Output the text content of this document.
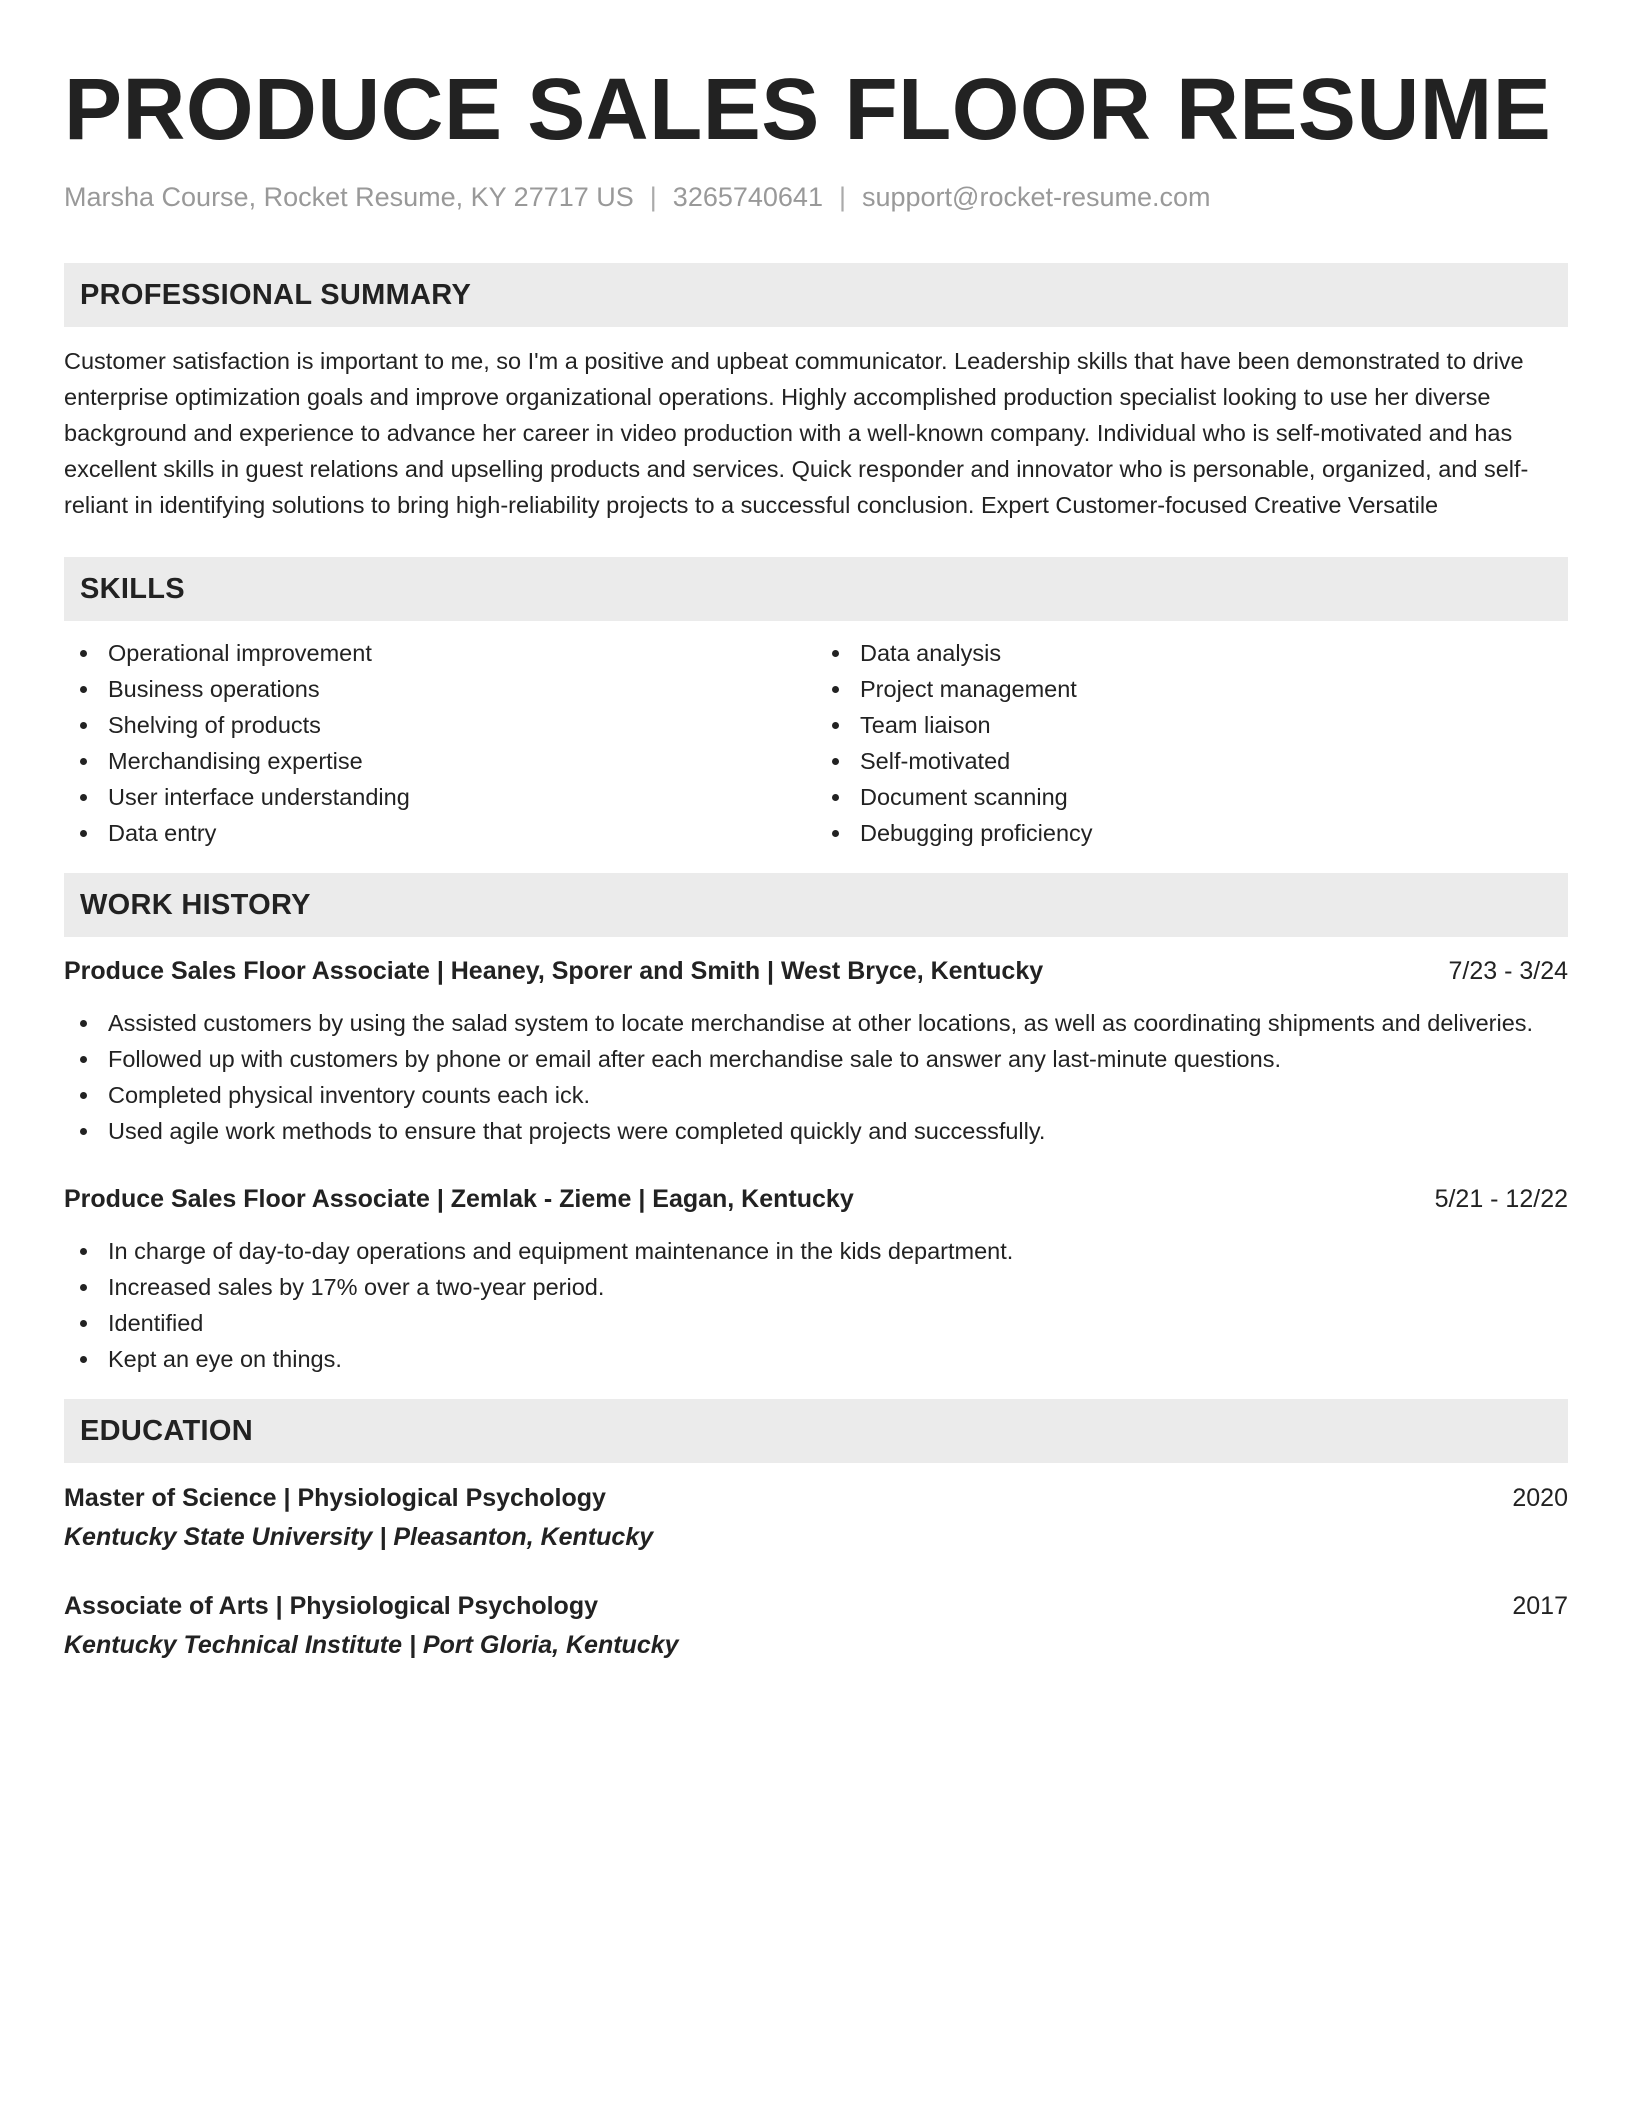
PRODUCE SALES FLOOR RESUME
Marsha Course, Rocket Resume, KY 27717 US | 3265740641 | support@rocket-resume.com
PROFESSIONAL SUMMARY

Customer satisfaction is important to me, so I'm a positive and upbeat communicator. Leadership skills that have been demonstrated to drive enterprise optimization goals and improve organizational operations. Highly accomplished production specialist looking to use her diverse background and experience to advance her career in video production with a well-known company. Individual who is self-motivated and has excellent skills in guest relations and upselling products and services. Quick responder and innovator who is personable, organized, and self-reliant in identifying solutions to bring high-reliability projects to a successful conclusion. Expert Customer-focused Creative Versatile

SKILLS
Operational improvement
Business operations
Shelving of products
Merchandising expertise
User interface understanding
Data entry
Data analysis
Project management
Team liaison
Self-motivated
Document scanning
Debugging proficiency
WORK HISTORY
Produce Sales Floor Associate | Heaney, Sporer and Smith | West Bryce, Kentucky	7/23 - 3/24
Assisted customers by using the salad system to locate merchandise at other locations, as well as coordinating shipments and deliveries.
Followed up with customers by phone or email after each merchandise sale to answer any last-minute questions.
Completed physical inventory counts each ick.
Used agile work methods to ensure that projects were completed quickly and successfully.
Produce Sales Floor Associate | Zemlak - Zieme | Eagan, Kentucky	5/21 - 12/22
In charge of day-to-day operations and equipment maintenance in the kids department.
Increased sales by 17% over a two-year period.
Identified
Kept an eye on things.
EDUCATION
Master of Science | Physiological Psychology	2020
Kentucky State University | Pleasanton, Kentucky
Associate of Arts | Physiological Psychology	2017
Kentucky Technical Institute | Port Gloria, Kentucky
